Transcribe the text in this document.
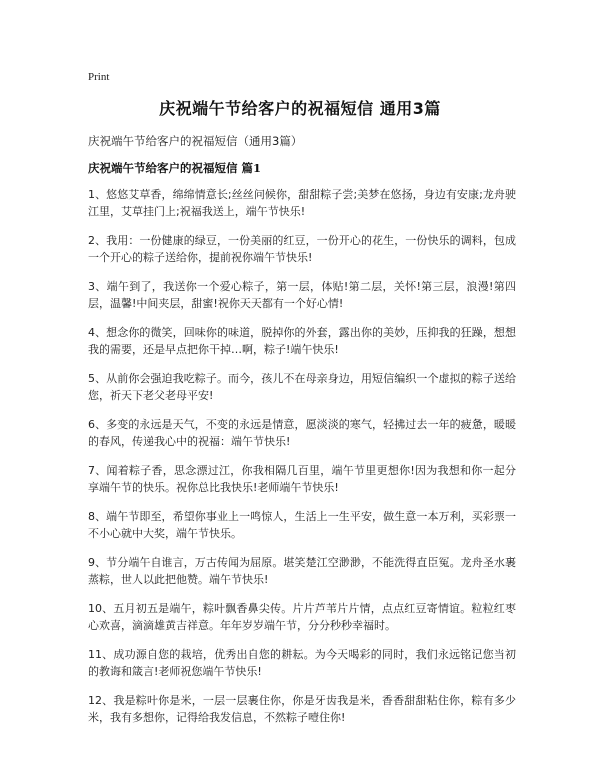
Print
庆祝端午节给客户的祝福短信 通用3篇
庆祝端午节给客户的祝福短信（通用3篇）
庆祝端午节给客户的祝福短信 篇1

1、悠悠艾草香，绵绵情意长;丝丝问候你，甜甜粽子尝;美梦在悠扬，身边有安康;龙舟驶江里，艾草挂门上;祝福我送上，端午节快乐!

2、我用：一份健康的绿豆，一份美丽的红豆，一份开心的花生，一份快乐的调料，包成一个开心的粽子送给你，提前祝你端午节快乐!

3、端午到了，我送你一个爱心粽子，第一层，体贴!第二层，关怀!第三层，浪漫!第四层，温馨!中间夹层，甜蜜!祝你天天都有一个好心情!

4、想念你的微笑，回味你的味道，脱掉你的外套，露出你的美妙，压抑我的狂躁，想想我的需要，还是早点把你干掉…啊，粽子!端午快乐!

5、从前你会强迫我吃粽子。而今，孩儿不在母亲身边，用短信编织一个虚拟的粽子送给您，祈天下老父老母平安!

6、多变的永远是天气，不变的永远是情意，愿淡淡的寒气，轻拂过去一年的疲惫，暖暖的春风，传递我心中的祝福：端午节快乐!

7、闻着粽子香，思念漂过江，你我相隔几百里，端午节里更想你!因为我想和你一起分享端午节的快乐。祝你总比我快乐!老师端午节快乐!

8、端午节即至，希望你事业上一鸣惊人，生活上一生平安，做生意一本万利，买彩票一不小心就中大奖，端午节快乐。

9、节分端午自谁言，万古传闻为屈原。堪笑楚江空渺渺，不能洗得直臣冤。龙舟圣水裹蒸粽，世人以此把他赞。端午节快乐!

10、五月初五是端午，粽叶飘香鼻尖传。片片芦苇片片情，点点红豆寄情谊。粒粒红枣心欢喜，滴滴雄黄吉祥意。年年岁岁端午节，分分秒秒幸福时。

11、成功源自您的栽培，优秀出自您的耕耘。为今天喝彩的同时，我们永远铭记您当初的教诲和箴言!老师祝您端午节快乐!

12、我是粽叶你是米，一层一层裹住你，你是牙齿我是米，香香甜甜粘住你，粽有多少米，我有多想你，记得给我发信息，不然粽子噎住你!
